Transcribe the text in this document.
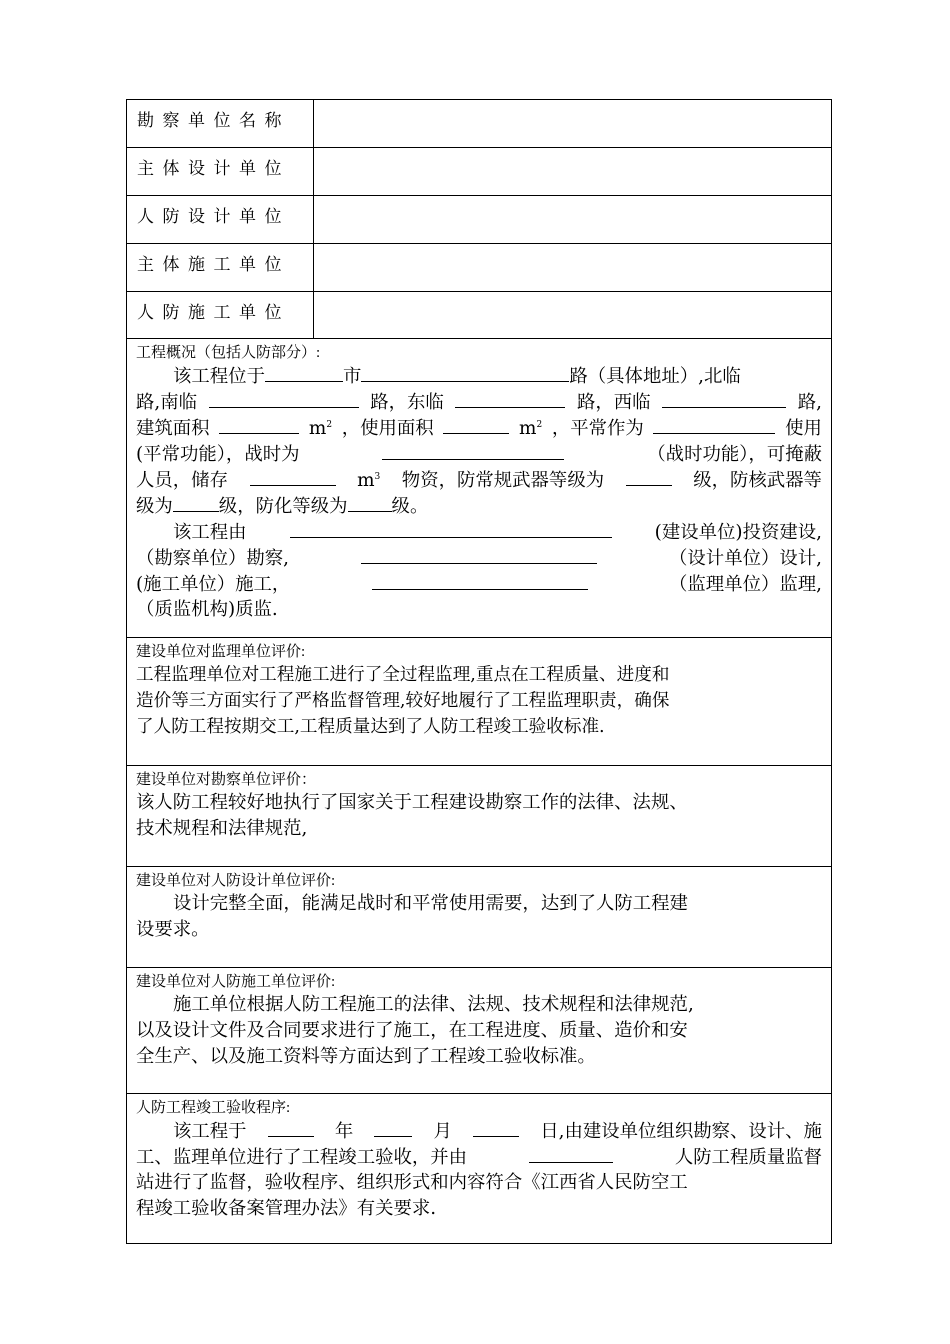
勘察单位名称
主体设计单位
人防设计单位
主体施工单位
人防施工单位
工程概况（包括人防部分）:
该工程位于	市	路（具体地址）,北临
路,南临	路，东临	路，西临	路,
建筑面积	$m^2$ ，使用面积	$m^2$ ，平常作为	使用
(平常功能），战时为	（战时功能），可掩蔽
人员，储存	$m^3$ 物资，防常规武器等级为	级，防核武器等
级为	级，防化等级为 级。
该工程由	(建设单位)投资建设,
（勘察单位）勘察,	（设计单位）设计,
(施工单位）施工，	（监理单位）监理,
（质监机构)质监.
建设单位对监理单位评价:
工程监理单位对工程施工进行了全过程监理,重点在工程质量、进度和
造价等三方面实行了严格监督管理,较好地履行了工程监理职责，确保
了人防工程按期交工,工程质量达到了人防工程竣工验收标准.
建设单位对勘察单位评价：
该人防工程较好地执行了国家关于工程建设勘察工作的法律、法规、
技术规程和法律规范,
建设单位对人防设计单位评价:
设计完整全面，能满足战时和平常使用需要，达到了人防工程建
设要求。
建设单位对人防施工单位评价:
施工单位根据人防工程施工的法律、法规、技术规程和法律规范,
以及设计文件及合同要求进行了施工，在工程进度、质量、造价和安
全生产、以及施工资料等方面达到了工程竣工验收标准。
人防工程竣工验收程序:
该工程于	年	月	日,由建设单位组织勘察、设计、施
工、监理单位进行了工程竣工验收，并由	人防工程质量监督
站进行了监督，验收程序、组织形式和内容符合《江西省人民防空工
程竣工验收备案管理办法》有关要求.
